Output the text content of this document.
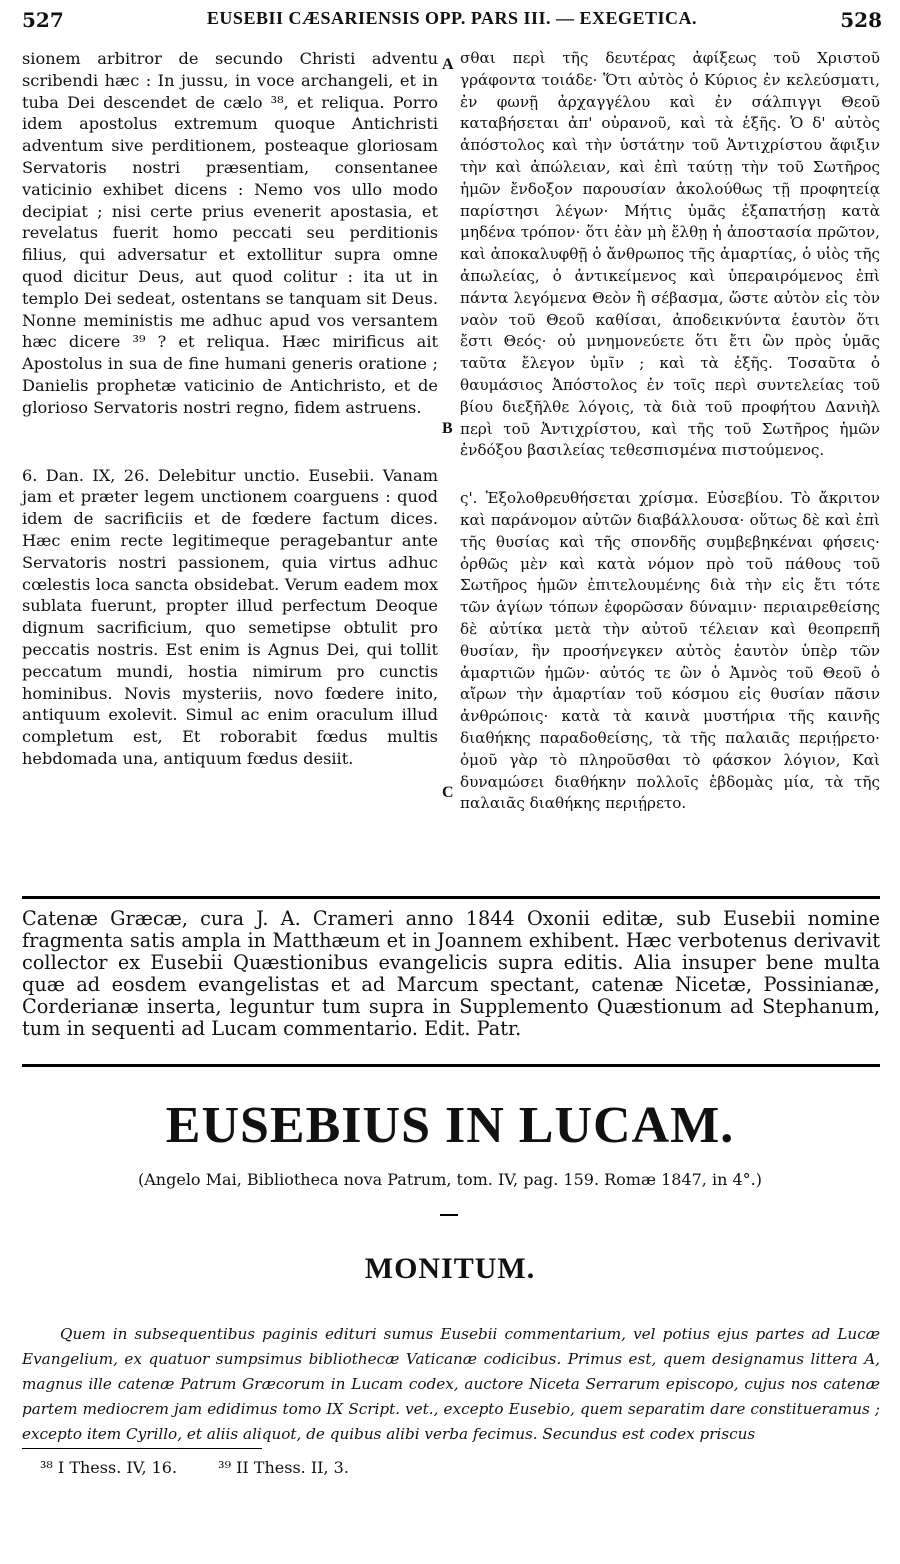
527	EUSEBII CÆSARIENSIS OPP. PARS III. — EXEGETICA.	528

sionem arbitror de secundo Christi adventu scribendi hæc : In jussu, in voce archangeli, et in tuba Dei descendet de cælo ³⁸, et reliqua. Porro idem apostolus extremum quoque Antichristi adventum sive perditionem, posteaque gloriosam Servatoris nostri præsentiam, consentanee vaticinio exhibet dicens : Nemo vos ullo modo decipiat ; nisi certe prius evenerit apostasia, et revelatus fuerit homo peccati seu perditionis filius, qui adversatur et extollitur supra omne quod dicitur Deus, aut quod colitur : ita ut in templo Dei sedeat, ostentans se tanquam sit Deus. Nonne meministis me adhuc apud vos versantem hæc dicere ³⁹ ? et reliqua. Hæc mirificus ait Apostolus in sua de fine humani generis oratione ; Danielis prophetæ vaticinio de Antichristo, et de glorioso Servatoris nostri regno, fidem astruens.

6. Dan. IX, 26. Delebitur unctio. Eusebii. Vanam jam et præter legem unctionem coarguens : quod idem de sacrificiis et de fœdere factum dices. Hæc enim recte legitimeque peragebantur ante Servatoris nostri passionem, quia virtus adhuc cœlestis loca sancta obsidebat. Verum eadem mox sublata fuerunt, propter illud perfectum Deoque dignum sacrificium, quo semetipse obtulit pro peccatis nostris. Est enim is Agnus Dei, qui tollit peccatum mundi, hostia nimirum pro cunctis hominibus. Novis mysteriis, novo fœdere inito, antiquum exolevit. Simul ac enim oraculum illud completum est, Et roborabit fœdus multis hebdomada una, antiquum fœdus desiit.

A
B
C

σθαι περὶ τῆς δευτέρας ἀφίξεως τοῦ Χριστοῦ γράφοντα τοιάδε· Ὅτι αὐτὸς ὁ Κύριος ἐν κελεύσματι, ἐν φωνῇ ἀρχαγγέλου καὶ ἐν σάλπιγγι Θεοῦ καταβήσεται ἀπ' οὐρανοῦ, καὶ τὰ ἑξῆς. Ὁ δ' αὐτὸς ἀπόστολος καὶ τὴν ὑστάτην τοῦ Ἀντιχρίστου ἄφιξιν τὴν καὶ ἀπώλειαν, καὶ ἐπὶ ταύτῃ τὴν τοῦ Σωτῆρος ἡμῶν ἔνδοξον παρουσίαν ἀκολούθως τῇ προφητείᾳ παρίστησι λέγων· Μήτις ὑμᾶς ἐξαπατήσῃ κατὰ μηδένα τρόπον· ὅτι ἐὰν μὴ ἔλθῃ ἡ ἀποστασία πρῶτον, καὶ ἀποκαλυφθῇ ὁ ἄνθρωπος τῆς ἁμαρτίας, ὁ υἱὸς τῆς ἀπωλείας, ὁ ἀντικείμενος καὶ ὑπεραιρόμενος ἐπὶ πάντα λεγόμενα Θεὸν ἢ σέβασμα, ὥστε αὐτὸν εἰς τὸν ναὸν τοῦ Θεοῦ καθίσαι, ἀποδεικνύντα ἑαυτὸν ὅτι ἔστι Θεός· οὐ μνημονεύετε ὅτι ἔτι ὢν πρὸς ὑμᾶς ταῦτα ἔλεγον ὑμῖν ; καὶ τὰ ἑξῆς. Τοσαῦτα ὁ θαυμάσιος Ἀπόστολος ἐν τοῖς περὶ συντελείας τοῦ βίου διεξῆλθε λόγοις, τὰ διὰ τοῦ προφήτου Δανιὴλ περὶ τοῦ Ἀντιχρίστου, καὶ τῆς τοῦ Σωτῆρος ἡμῶν ἐνδόξου βασιλείας τεθεσπισμένα πιστούμενος.

ς'. Ἐξολοθρευθήσεται χρίσμα. Εὐσεβίου. Τὸ ἄκριτον καὶ παράνομον αὐτῶν διαβάλλουσα· οὕτως δὲ καὶ ἐπὶ τῆς θυσίας καὶ τῆς σπονδῆς συμβεβηκέναι φήσεις· ὀρθῶς μὲν καὶ κατὰ νόμον πρὸ τοῦ πάθους τοῦ Σωτῆρος ἡμῶν ἐπιτελουμένης διὰ τὴν εἰς ἔτι τότε τῶν ἁγίων τόπων ἐφορῶσαν δύναμιν· περιαιρεθείσης δὲ αὐτίκα μετὰ τὴν αὐτοῦ τέλειαν καὶ θεοπρεπῆ θυσίαν, ἣν προσήνεγκεν αὐτὸς ἑαυτὸν ὑπὲρ τῶν ἁμαρτιῶν ἡμῶν· αὐτός τε ὢν ὁ Ἀμνὸς τοῦ Θεοῦ ὁ αἴρων τὴν ἁμαρτίαν τοῦ κόσμου εἰς θυσίαν πᾶσιν ἀνθρώποις· κατὰ τὰ καινὰ μυστήρια τῆς καινῆς διαθήκης παραδοθείσης, τὰ τῆς παλαιᾶς περιῄρετο· ὁμοῦ γὰρ τὸ πληροῦσθαι τὸ φάσκον λόγιον, Καὶ δυναμώσει διαθήκην πολλοῖς ἑβδομὰς μία, τὰ τῆς παλαιᾶς διαθήκης περιῄρετο.

Catenæ Græcæ, cura J. A. Crameri anno 1844 Oxonii editæ, sub Eusebii nomine fragmenta satis ampla in Matthæum et in Joannem exhibent. Hæc verbotenus derivavit collector ex Eusebii Quæstionibus evangelicis supra editis. Alia insuper bene multa quæ ad eosdem evangelistas et ad Marcum spectant, catenæ Nicetæ, Possinianæ, Corderianæ inserta, leguntur tum supra in Supplemento Quæstionum ad Stephanum, tum in sequenti ad Lucam commentario. Edit. Patr.
EUSEBIUS IN LUCAM.
(Angelo Mai, Bibliotheca nova Patrum, tom. IV, pag. 159. Romæ 1847, in 4°.)
MONITUM.
Quem in subsequentibus paginis edituri sumus Eusebii commentarium, vel potius ejus partes ad Lucæ Evangelium, ex quatuor sumpsimus bibliothecæ Vaticanæ codicibus. Primus est, quem designamus littera A, magnus ille catenæ Patrum Græcorum in Lucam codex, auctore Niceta Serrarum episcopo, cujus nos catenæ partem mediocrem jam edidimus tomo IX Script. vet., excepto Eusebio, quem separatim dare constitueramus ; excepto item Cyrillo, et aliis aliquot, de quibus alibi verba fecimus. Secundus est codex priscus
³⁸ I Thess. IV, 16.	³⁹ II Thess. II, 3.
